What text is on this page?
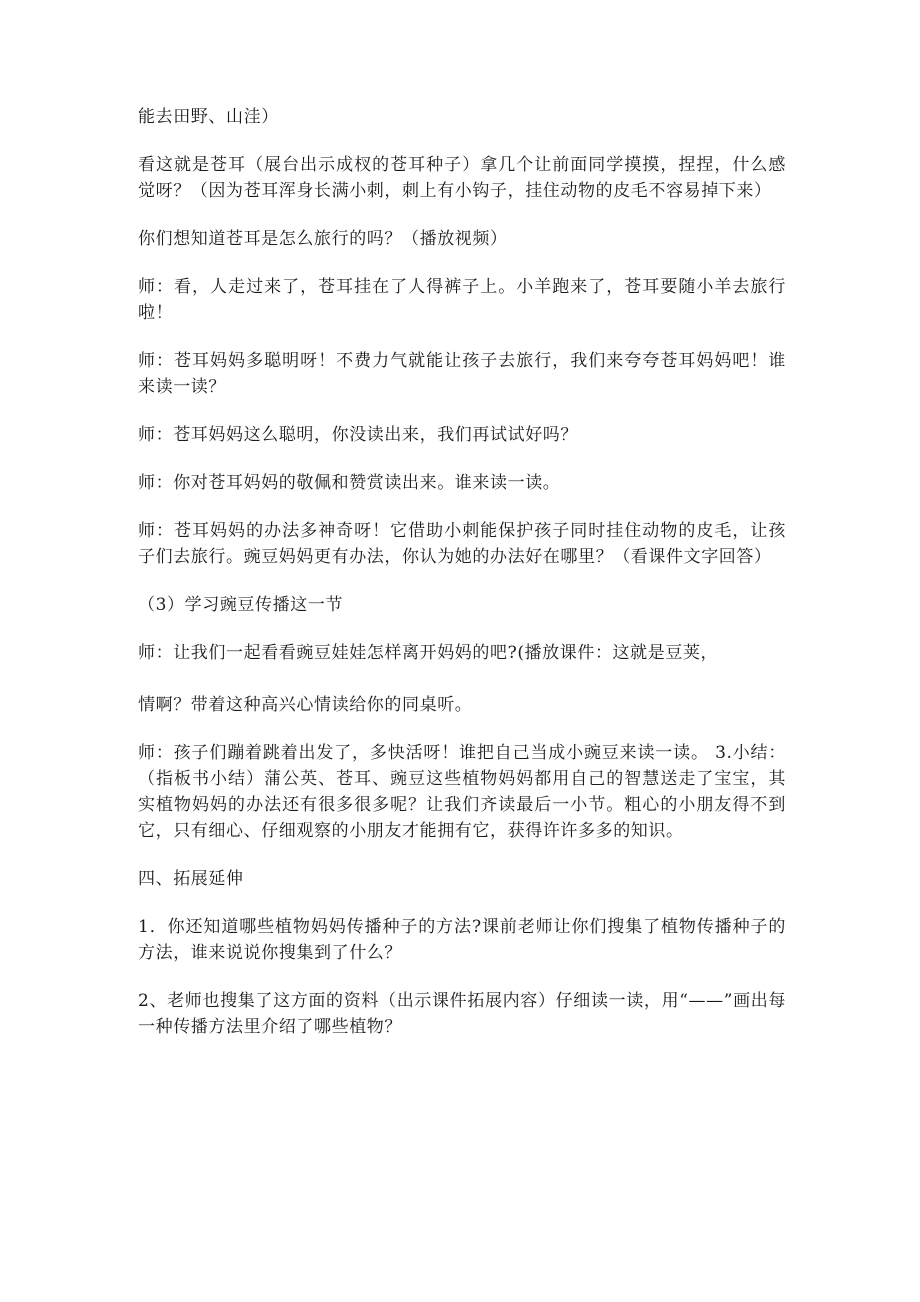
能去田野、山洼）

看这就是苍耳（展台出示成杈的苍耳种子）拿几个让前面同学摸摸，捏捏，什么感觉呀？（因为苍耳浑身长满小刺，刺上有小钩子，挂住动物的皮毛不容易掉下来）

你们想知道苍耳是怎么旅行的吗？（播放视频）

师：看，人走过来了，苍耳挂在了人得裤子上。小羊跑来了，苍耳要随小羊去旅行啦！

师：苍耳妈妈多聪明呀！不费力气就能让孩子去旅行，我们来夸夸苍耳妈妈吧！谁来读一读？

师：苍耳妈妈这么聪明，你没读出来，我们再试试好吗？

师：你对苍耳妈妈的敬佩和赞赏读出来。谁来读一读。

师：苍耳妈妈的办法多神奇呀！它借助小刺能保护孩子同时挂住动物的皮毛，让孩子们去旅行。豌豆妈妈更有办法，你认为她的办法好在哪里？（看课件文字回答）

（3）学习豌豆传播这一节

师：让我们一起看看豌豆娃娃怎样离开妈妈的吧?(播放课件：这就是豆荚，

情啊？带着这种高兴心情读给你的同桌听。

师：孩子们蹦着跳着出发了，多快活呀！谁把自己当成小豌豆来读一读。 3.小结：（指板书小结）蒲公英、苍耳、豌豆这些植物妈妈都用自己的智慧送走了宝宝，其实植物妈妈的办法还有很多很多呢？让我们齐读最后一小节。粗心的小朋友得不到它，只有细心、仔细观察的小朋友才能拥有它，获得许许多多的知识。

四、拓展延伸

1．你还知道哪些植物妈妈传播种子的方法?课前老师让你们搜集了植物传播种子的方法，谁来说说你搜集到了什么？

2、老师也搜集了这方面的资料（出示课件拓展内容）仔细读一读，用“——”画出每一种传播方法里介绍了哪些植物？
